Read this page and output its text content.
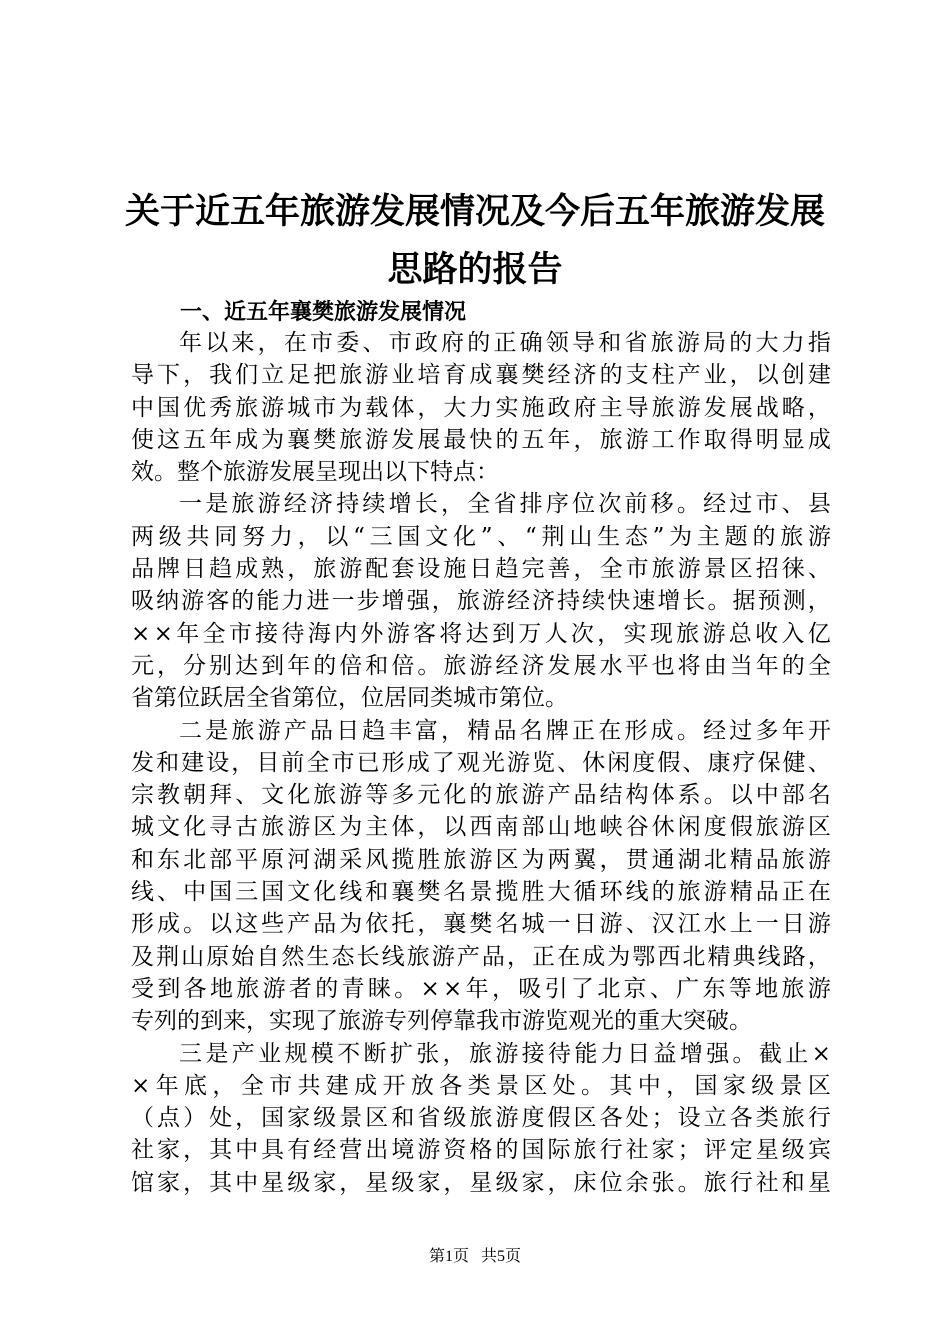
关于近五年旅游发展情况及今后五年旅游发展
思路的报告
一、近五年襄樊旅游发展情况
年 以 来 ， 在 市 委 、 市 政 府 的 正 确 领 导 和 省 旅 游 局 的 大 力 指
导 下 ， 我 们 立 足 把 旅 游 业 培 育 成 襄 樊 经 济 的 支 柱 产 业 ， 以 创 建
中 国 优 秀 旅 游 城 市 为 载 体 ， 大 力 实 施 政 府 主 导 旅 游 发 展 战 略 ，
使 这 五 年 成 为 襄 樊 旅 游 发 展 最 快 的 五 年 ， 旅 游 工 作 取 得 明 显 成
效 。 整 个 旅 游 发 展 呈 现 出 以 下 特 点 ：
一 是 旅 游 经 济 持 续 增 长 ， 全 省 排 序 位 次 前 移 。 经 过 市 、 县
两 级 共 同 努 力 ， 以 “ 三 国 文 化 ” 、 “ 荆 山 生 态 ” 为 主 题 的 旅 游
品 牌 日 趋 成 熟 ， 旅 游 配 套 设 施 日 趋 完 善 ， 全 市 旅 游 景 区 招 徕 、
吸 纳 游 客 的 能 力 进 一 步 增 强 ， 旅 游 经 济 持 续 快 速 增 长 。 据 预 测 ，
× × 年 全 市 接 待 海 内 外 游 客 将 达 到 万 人 次 ， 实 现 旅 游 总 收 入 亿
元 ， 分 别 达 到 年 的 倍 和 倍 。 旅 游 经 济 发 展 水 平 也 将 由 当 年 的 全
省 第 位 跃 居 全 省 第 位 ， 位 居 同 类 城 市 第 位 。
二 是 旅 游 产 品 日 趋 丰 富 ， 精 品 名 牌 正 在 形 成 。 经 过 多 年 开
发 和 建 设 ， 目 前 全 市 已 形 成 了 观 光 游 览 、 休 闲 度 假 、 康 疗 保 健 、
宗 教 朝 拜 、 文 化 旅 游 等 多 元 化 的 旅 游 产 品 结 构 体 系 。 以 中 部 名
城 文 化 寻 古 旅 游 区 为 主 体 ， 以 西 南 部 山 地 峡 谷 休 闲 度 假 旅 游 区
和 东 北 部 平 原 河 湖 采 风 揽 胜 旅 游 区 为 两 翼 ， 贯 通 湖 北 精 品 旅 游
线 、 中 国 三 国 文 化 线 和 襄 樊 名 景 揽 胜 大 循 环 线 的 旅 游 精 品 正 在
形 成 。 以 这 些 产 品 为 依 托 ， 襄 樊 名 城 一 日 游 、 汉 江 水 上 一 日 游
及 荆 山 原 始 自 然 生 态 长 线 旅 游 产 品 ， 正 在 成 为 鄂 西 北 精 典 线 路 ，
受 到 各 地 旅 游 者 的 青 睐 。 × × 年 ， 吸 引 了 北 京 、 广 东 等 地 旅 游
专 列 的 到 来 ， 实 现 了 旅 游 专 列 停 靠 我 市 游 览 观 光 的 重 大 突 破 。
三 是 产 业 规 模 不 断 扩 张 ， 旅 游 接 待 能 力 日 益 增 强 。 截 止 ×
× 年 底 ， 全 市 共 建 成 开 放 各 类 景 区 处 。 其 中 ， 国 家 级 景 区
（ 点 ） 处 ， 国 家 级 景 区 和 省 级 旅 游 度 假 区 各 处 ； 设 立 各 类 旅 行
社 家 ， 其 中 具 有 经 营 出 境 游 资 格 的 国 际 旅 行 社 家 ； 评 定 星 级 宾
馆 家 ， 其 中 星 级 家 ， 星 级 家 ， 星 级 家 ， 床 位 余 张 。 旅 行 社 和 星
第1页 共5页
